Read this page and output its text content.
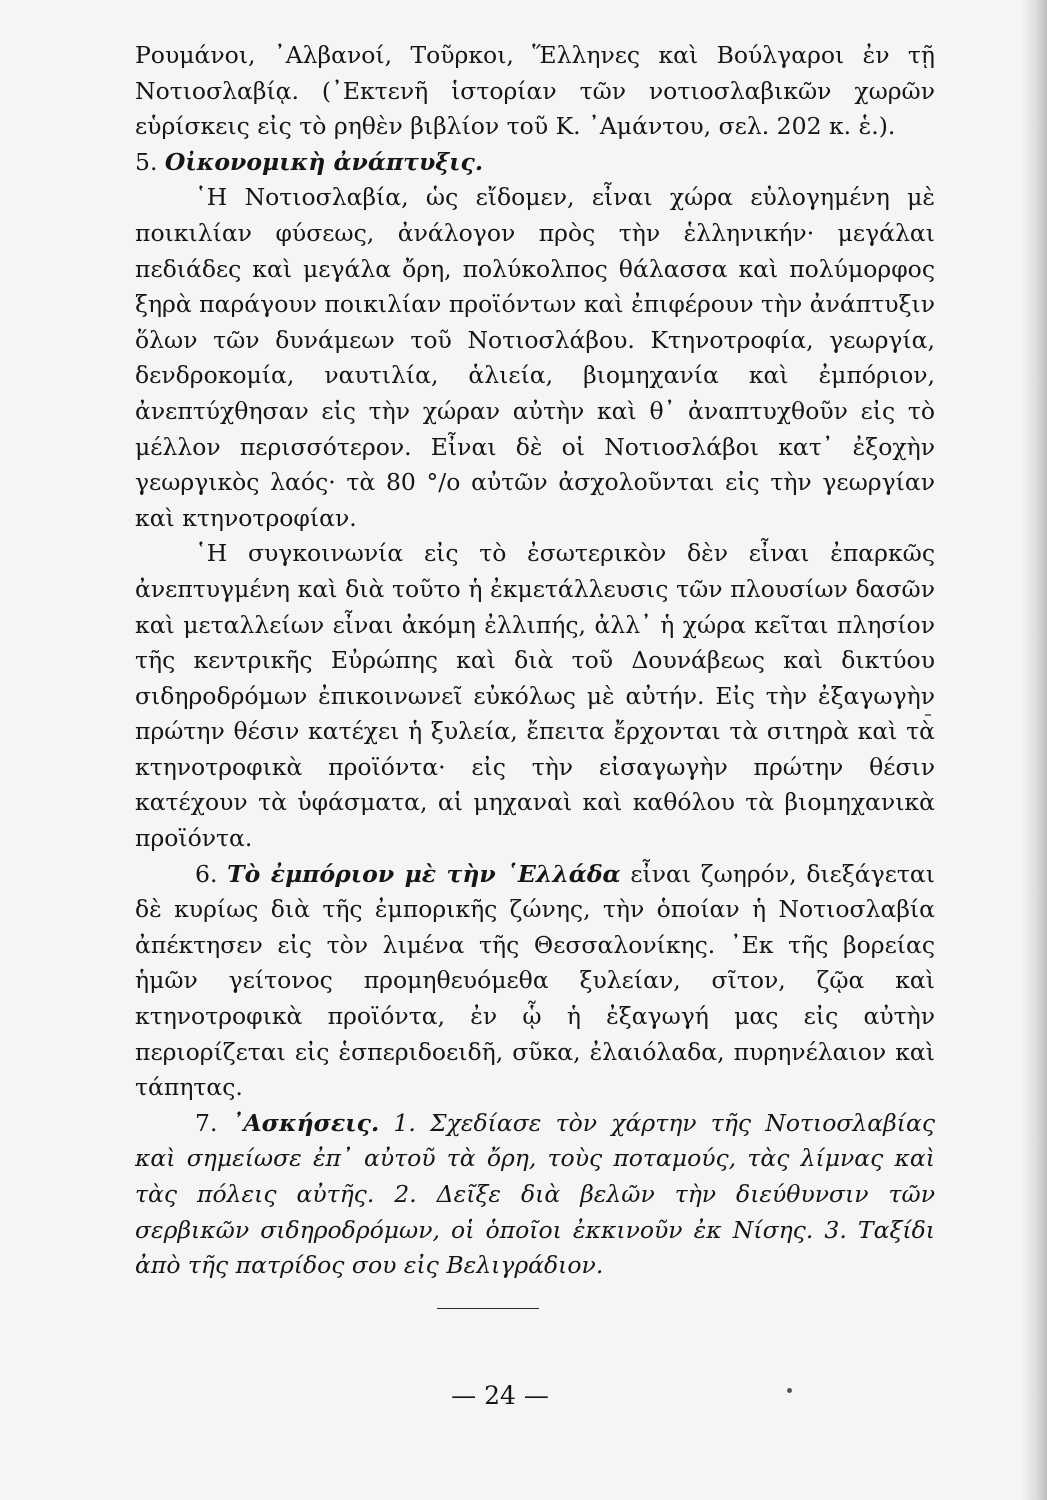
Ρουμάνοι, ᾿Αλβανοί, Τοῦρκοι, Ἕλληνες καὶ Βούλγαροι ἐν τῇ Νοτιοσλαβίᾳ. (᾿Εκτενῆ ἱστορίαν τῶν νοτιοσλαβικῶν χωρῶν εὑρίσκεις εἰς τὸ ρηθὲν βιβλίον τοῦ Κ. ᾿Αμάντου, σελ. 202 κ. ἑ.).

5. Οἰκονομικὴ ἀνάπτυξις.

῾Η Νοτιοσλαβία, ὡς εἴδομεν, εἶναι χώρα εὐλογημένη μὲ ποικιλίαν φύσεως, ἀνάλογον πρὸς τὴν ἑλληνικήν· μεγάλαι πεδιάδες καὶ μεγάλα ὄρη, πολύκολπος θάλασσα καὶ πολύμορφος ξηρὰ παράγουν ποικιλίαν προϊόντων καὶ ἐπιφέρουν τὴν ἀνάπτυξιν ὅλων τῶν δυνάμεων τοῦ Νοτιοσλάβου. Κτηνοτροφία, γεωργία, δενδροκομία, ναυτιλία, ἁλιεία, βιομηχανία καὶ ἐμπόριον, ἀνεπτύχθησαν εἰς τὴν χώραν αὐτὴν καὶ θ᾿ ἀναπτυχθοῦν εἰς τὸ μέλλον περισσότερον. Εἶναι δὲ οἱ Νοτιοσλάβοι κατ᾿ ἐξοχὴν γεωργικὸς λαός· τὰ 80 °/o αὐτῶν ἀσχολοῦνται εἰς τὴν γεωργίαν καὶ κτηνοτροφίαν.

῾Η συγκοινωνία εἰς τὸ ἐσωτερικὸν δὲν εἶναι ἐπαρκῶς ἀνεπτυγμένη καὶ διὰ τοῦτο ἡ ἐκμετάλλευσις τῶν πλουσίων δασῶν καὶ μεταλλείων εἶναι ἀκόμη ἐλλιπής, ἀλλ᾿ ἡ χώρα κεῖται πλησίον τῆς κεντρικῆς Εὐρώπης καὶ διὰ τοῦ Δουνάβεως καὶ δικτύου σιδηροδρόμων ἐπικοινωνεῖ εὐκόλως μὲ αὐτήν. Εἰς τὴν ἐξαγωγὴν πρώτην θέσιν κατέχει ἡ ξυλεία, ἔπειτα ἔρχονται τὰ σιτηρὰ καὶ τὰ κτηνοτροφικὰ προϊόντα· εἰς τὴν εἰσαγωγὴν πρώτην θέσιν κατέχουν τὰ ὑφάσματα, αἱ μηχαναὶ καὶ καθόλου τὰ βιομηχανικὰ προϊόντα.

6. Τὸ ἐμπόριον μὲ τὴν ῾Ελλάδα εἶναι ζωηρόν, διεξάγεται δὲ κυρίως διὰ τῆς ἐμπορικῆς ζώνης, τὴν ὁποίαν ἡ Νοτιοσλαβία ἀπέκτησεν εἰς τὸν λιμένα τῆς Θεσσαλονίκης. ᾿Εκ τῆς βορείας ἡμῶν γείτονος προμηθευόμεθα ξυλείαν, σῖτον, ζῷα καὶ κτηνοτροφικὰ προϊόντα, ἐν ᾧ ἡ ἐξαγωγή μας εἰς αὐτὴν περιορίζεται εἰς ἑσπεριδοειδῆ, σῦκα, ἐλαιόλαδα, πυρηνέλαιον καὶ τάπητας.

7. ᾿Ασκήσεις. 1. Σχεδίασε τὸν χάρτην τῆς Νοτιοσλαβίας καὶ σημείωσε ἐπ᾿ αὐτοῦ τὰ ὄρη, τοὺς ποταμούς, τὰς λίμνας καὶ τὰς πόλεις αὐτῆς. 2. Δεῖξε διὰ βελῶν τὴν διεύθυνσιν τῶν σερβικῶν σιδηροδρόμων, οἱ ὁποῖοι ἐκκινοῦν ἐκ Νίσης. 3. Ταξίδι ἀπὸ τῆς πατρίδος σου εἰς Βελιγράδιον.

— 24 —
